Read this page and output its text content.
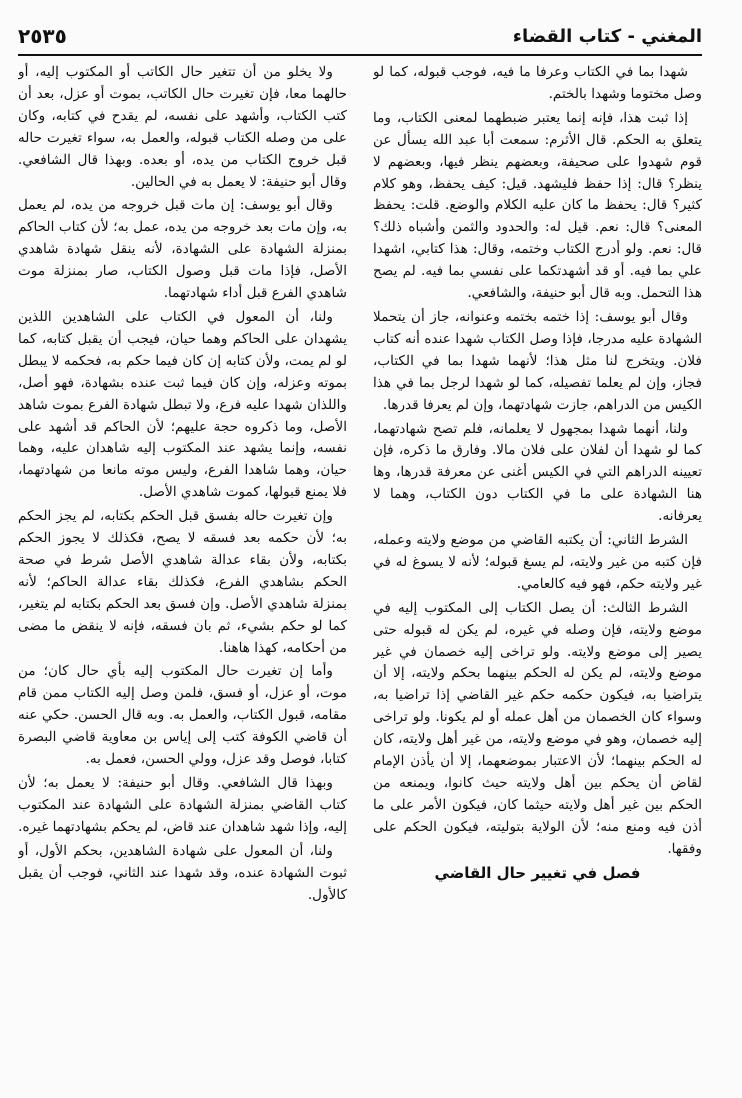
المغني - كتاب القضاء
٢٥٣٥

شهدا بما في الكتاب وعرفا ما فيه، فوجب قبوله، كما لو وصل مختوما وشهدا بالختم.

إذا ثبت هذا، فإنه إنما يعتبر ضبطهما لمعنى الكتاب، وما يتعلق به الحكم. قال الأثرم: سمعت أبا عبد الله يسأل عن قوم شهدوا على صحيفة، وبعضهم ينظر فيها، وبعضهم لا ينظر؟ قال: إذا حفظ فليشهد. قيل: كيف يحفظ، وهو كلام كثير؟ قال: يحفظ ما كان عليه الكلام والوضع. قلت: يحفظ المعنى؟ قال: نعم. قيل له: والحدود والثمن وأشباه ذلك؟ قال: نعم. ولو أدرج الكتاب وختمه، وقال: هذا كتابي، اشهدا علي بما فيه. أو قد أشهدتكما على نفسي بما فيه. لم يصح هذا التحمل. وبه قال أبو حنيفة، والشافعي.

وقال أبو يوسف: إذا ختمه بختمه وعنوانه، جاز أن يتحملا الشهادة عليه مدرجا، فإذا وصل الكتاب شهدا عنده أنه كتاب فلان. ويتخرج لنا مثل هذا؛ لأنهما شهدا بما في الكتاب، فجاز، وإن لم يعلما تفصيله، كما لو شهدا لرجل بما في هذا الكيس من الدراهم، جازت شهادتهما، وإن لم يعرفا قدرها.

ولنا، أنهما شهدا بمجهول لا يعلمانه، فلم تصح شهادتهما، كما لو شهدا أن لفلان على فلان مالا. وفارق ما ذكره، فإن تعيينه الدراهم التي في الكيس أغنى عن معرفة قدرها، وها هنا الشهادة على ما في الكتاب دون الكتاب، وهما لا يعرفانه.

الشرط الثاني: أن يكتبه القاضي من موضع ولايته وعمله، فإن كتبه من غير ولايته، لم يسغ قبوله؛ لأنه لا يسوغ له في غير ولايته حكم، فهو فيه كالعامي.

الشرط الثالث: أن يصل الكتاب إلى المكتوب إليه في موضع ولايته، فإن وصله في غيره، لم يكن له قبوله حتى يصير إلى موضع ولايته. ولو تراخى إليه خصمان في غير موضع ولايته، لم يكن له الحكم بينهما بحكم ولايته، إلا أن يتراضيا به، فيكون حكمه حكم غير القاضي إذا تراضيا به، وسواء كان الخصمان من أهل عمله أو لم يكونا. ولو تراخى إليه خصمان، وهو في موضع ولايته، من غير أهل ولايته، كان له الحكم بينهما؛ لأن الاعتبار بموضعهما، إلا أن يأذن الإمام لقاض أن يحكم بين أهل ولايته حيث كانوا، ويمنعه من الحكم بين غير أهل ولايته حيثما كان، فيكون الأمر على ما أذن فيه ومنع منه؛ لأن الولاية بتوليته، فيكون الحكم على وفقها.

فصل في تغيير حال القاضي

ولا يخلو من أن تتغير حال الكاتب أو المكتوب إليه، أو حالهما معا، فإن تغيرت حال الكاتب، بموت أو عزل، بعد أن كتب الكتاب، وأشهد على نفسه، لم يقدح في كتابه، وكان على من وصله الكتاب قبوله، والعمل به، سواء تغيرت حاله قبل خروج الكتاب من يده، أو بعده. وبهذا قال الشافعي. وقال أبو حنيفة: لا يعمل به في الحالين.

وقال أبو يوسف: إن مات قبل خروجه من يده، لم يعمل به، وإن مات بعد خروجه من يده، عمل به؛ لأن كتاب الحاكم بمنزلة الشهادة على الشهادة، لأنه ينقل شهادة شاهدي الأصل، فإذا مات قبل وصول الكتاب، صار بمنزلة موت شاهدي الفرع قبل أداء شهادتهما.

ولنا، أن المعول في الكتاب على الشاهدين اللذين يشهدان على الحاكم وهما حيان، فيجب أن يقبل كتابه، كما لو لم يمت، ولأن كتابه إن كان فيما حكم به، فحكمه لا يبطل بموته وعزله، وإن كان فيما ثبت عنده بشهادة، فهو أصل، واللذان شهدا عليه فرع، ولا تبطل شهادة الفرع بموت شاهد الأصل، وما ذكروه حجة عليهم؛ لأن الحاكم قد أشهد على نفسه، وإنما يشهد عند المكتوب إليه شاهدان عليه، وهما حيان، وهما شاهدا الفرع، وليس موته مانعا من شهادتهما، فلا يمنع قبولها، كموت شاهدي الأصل.

وإن تغيرت حاله بفسق قبل الحكم بكتابه، لم يجز الحكم به؛ لأن حكمه بعد فسقه لا يصح، فكذلك لا يجوز الحكم بكتابه، ولأن بقاء عدالة شاهدي الأصل شرط في صحة الحكم بشاهدي الفرع، فكذلك بقاء عدالة الحاكم؛ لأنه بمنزلة شاهدي الأصل. وإن فسق بعد الحكم بكتابه لم يتغير، كما لو حكم بشيء، ثم بان فسقه، فإنه لا ينقض ما مضى من أحكامه، كهذا هاهنا.

وأما إن تغيرت حال المكتوب إليه بأي حال كان؛ من موت، أو عزل، أو فسق، فلمن وصل إليه الكتاب ممن قام مقامه، قبول الكتاب، والعمل به. وبه قال الحسن. حكي عنه أن قاضي الكوفة كتب إلى إياس بن معاوية قاضي البصرة كتابا، فوصل وقد عزل، وولي الحسن، فعمل به.

وبهذا قال الشافعي. وقال أبو حنيفة: لا يعمل به؛ لأن كتاب القاضي بمنزلة الشهادة على الشهادة عند المكتوب إليه، وإذا شهد شاهدان عند قاض، لم يحكم بشهادتهما غيره.

ولنا، أن المعول على شهادة الشاهدين، بحكم الأول، أو ثبوت الشهادة عنده، وقد شهدا عند الثاني، فوجب أن يقبل كالأول.
